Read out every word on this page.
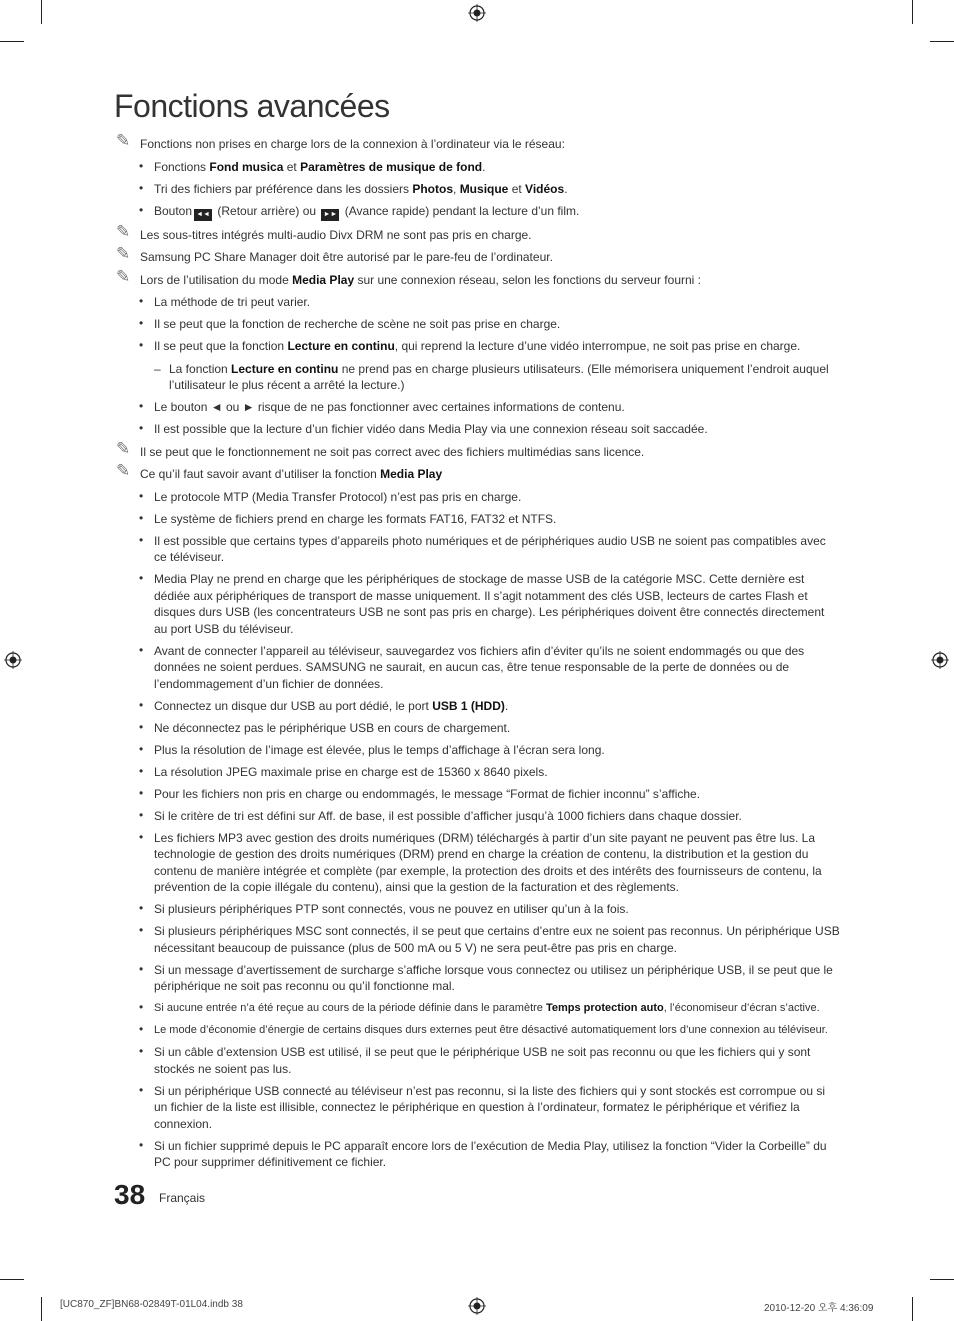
Fonctions avancées
✎ Fonctions non prises en charge lors de la connexion à l’ordinateur via le réseau:
• Fonctions Fond musica et Paramètres de musique de fond.
• Tri des fichiers par préférence dans les dossiers Photos, Musique et Vidéos.
• Bouton ◄◄ (Retour arrière) ou ►► (Avance rapide) pendant la lecture d’un film.
✎ Les sous-titres intégrés multi-audio Divx DRM ne sont pas pris en charge.
✎ Samsung PC Share Manager doit être autorisé par le pare-feu de l’ordinateur.
✎ Lors de l’utilisation du mode Media Play sur une connexion réseau, selon les fonctions du serveur fourni :
• La méthode de tri peut varier.
• Il se peut que la fonction de recherche de scène ne soit pas prise en charge.
• Il se peut que la fonction Lecture en continu, qui reprend la lecture d’une vidéo interrompue, ne soit pas prise en charge.
– La fonction Lecture en continu ne prend pas en charge plusieurs utilisateurs. (Elle mémorisera uniquement l’endroit auquel l’utilisateur le plus récent a arrêté la lecture.)
• Le bouton ◄ ou ► risque de ne pas fonctionner avec certaines informations de contenu.
• Il est possible que la lecture d’un fichier vidéo dans Media Play via une connexion réseau soit saccadée.
✎ Il se peut que le fonctionnement ne soit pas correct avec des fichiers multimédias sans licence.
✎ Ce qu’il faut savoir avant d’utiliser la fonction Media Play
• Le protocole MTP (Media Transfer Protocol) n’est pas pris en charge.
• Le système de fichiers prend en charge les formats FAT16, FAT32 et NTFS.
• Il est possible que certains types d’appareils photo numériques et de périphériques audio USB ne soient pas compatibles avec ce téléviseur.
• Media Play ne prend en charge que les périphériques de stockage de masse USB de la catégorie MSC. Cette dernière est dédiée aux périphériques de transport de masse uniquement. Il s’agit notamment des clés USB, lecteurs de cartes Flash et disques durs USB (les concentrateurs USB ne sont pas pris en charge). Les périphériques doivent être connectés directement au port USB du téléviseur.
• Avant de connecter l’appareil au téléviseur, sauvegardez vos fichiers afin d’éviter qu’ils ne soient endommagés ou que des données ne soient perdues. SAMSUNG ne saurait, en aucun cas, être tenue responsable de la perte de données ou de l’endommagement d’un fichier de données.
• Connectez un disque dur USB au port dédié, le port USB 1 (HDD).
• Ne déconnectez pas le périphérique USB en cours de chargement.
• Plus la résolution de l’image est élevée, plus le temps d’affichage à l’écran sera long.
• La résolution JPEG maximale prise en charge est de 15360 x 8640 pixels.
• Pour les fichiers non pris en charge ou endommagés, le message “Format de fichier inconnu” s’affiche.
• Si le critère de tri est défini sur Aff. de base, il est possible d’afficher jusqu’à 1000 fichiers dans chaque dossier.
• Les fichiers MP3 avec gestion des droits numériques (DRM) téléchargés à partir d’un site payant ne peuvent pas être lus. La technologie de gestion des droits numériques (DRM) prend en charge la création de contenu, la distribution et la gestion du contenu de manière intégrée et complète (par exemple, la protection des droits et des intérêts des fournisseurs de contenu, la prévention de la copie illégale du contenu), ainsi que la gestion de la facturation et des règlements.
• Si plusieurs périphériques PTP sont connectés, vous ne pouvez en utiliser qu’un à la fois.
• Si plusieurs périphériques MSC sont connectés, il se peut que certains d’entre eux ne soient pas reconnus. Un périphérique USB nécessitant beaucoup de puissance (plus de 500 mA ou 5 V) ne sera peut-être pas pris en charge.
• Si un message d’avertissement de surcharge s’affiche lorsque vous connectez ou utilisez un périphérique USB, il se peut que le périphérique ne soit pas reconnu ou qu’il fonctionne mal.
• Si aucune entrée n’a été reçue au cours de la période définie dans le paramètre Temps protection auto, l’économiseur d’écran s’active.
• Le mode d’économie d’énergie de certains disques durs externes peut être désactivé automatiquement lors d’une connexion au téléviseur.
• Si un câble d’extension USB est utilisé, il se peut que le périphérique USB ne soit pas reconnu ou que les fichiers qui y sont stockés ne soient pas lus.
• Si un périphérique USB connecté au téléviseur n’est pas reconnu, si la liste des fichiers qui y sont stockés est corrompue ou si un fichier de la liste est illisible, connectez le périphérique en question à l’ordinateur, formatez le périphérique et vérifiez la connexion.
• Si un fichier supprimé depuis le PC apparaît encore lors de l’exécution de Media Play, utilisez la fonction “Vider la Corbeille” du PC pour supprimer définitivement ce fichier.
38 Français
[UC870_ZF]BN68-02849T-01L04.indb 38	2010-12-20 오후 4:36:09
